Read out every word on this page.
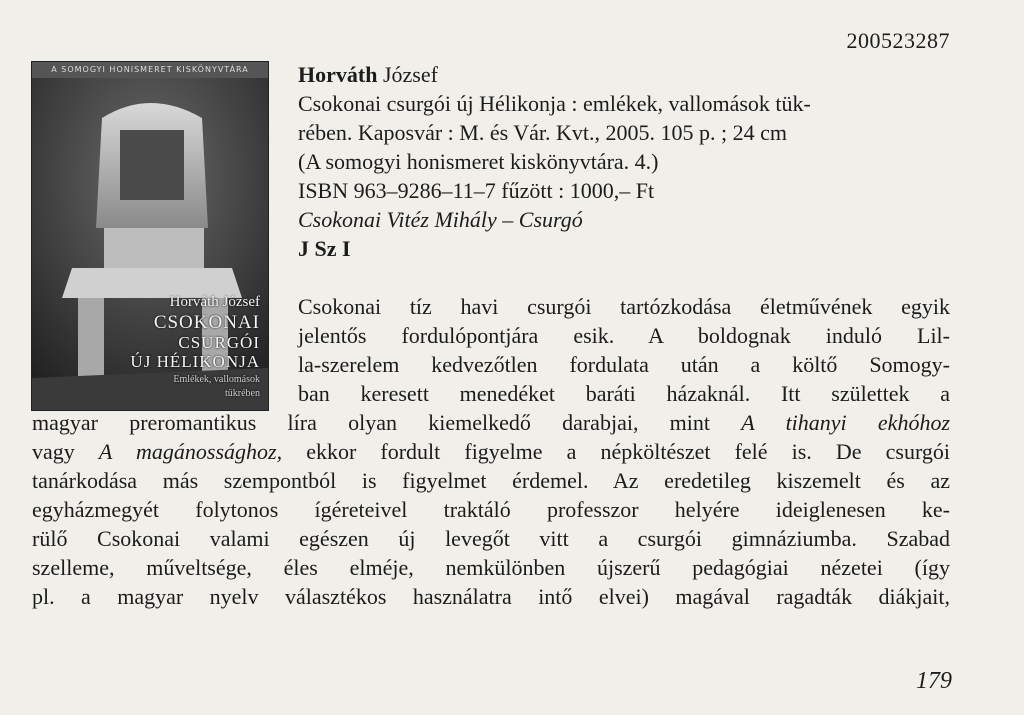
200523287
A SOMOGYI HONISMERET KISKÖNYVTÁRA
Horváth József
CSOKONAI
CSURGÓI
ÚJ HÉLIKONJA
Emlékek, vallomások
tükrében
Horváth József
Csokonai csurgói új Hélikonja : emlékek, vallomások tük-
rében. Kaposvár : M. és Vár. Kvt., 2005. 105 p. ; 24 cm
(A somogyi honismeret kiskönyvtára. 4.)
ISBN 963–9286–11–7 fűzött : 1000,– Ft
Csokonai Vitéz Mihály – Csurgó
J Sz I
Csokonai tíz havi csurgói tartózkodása életművének egyik
jelentős fordulópontjára esik. A boldognak induló Lil-
la-szerelem kedvezőtlen fordulata után a költő Somogy-
ban keresett menedéket baráti házaknál. Itt születtek a
magyar preromantikus líra olyan kiemelkedő darabjai, mint A tihanyi ekhóhoz
vagy A magánossághoz, ekkor fordult figyelme a népköltészet felé is. De csurgói
tanárkodása más szempontból is figyelmet érdemel. Az eredetileg kiszemelt és az
egyházmegyét folytonos ígéreteivel traktáló professzor helyére ideiglenesen ke-
rülő Csokonai valami egészen új levegőt vitt a csurgói gimnáziumba. Szabad
szelleme, műveltsége, éles elméje, nemkülönben újszerű pedagógiai nézetei (így
pl. a magyar nyelv választékos használatra intő elvei) magával ragadták diákjait,
179
